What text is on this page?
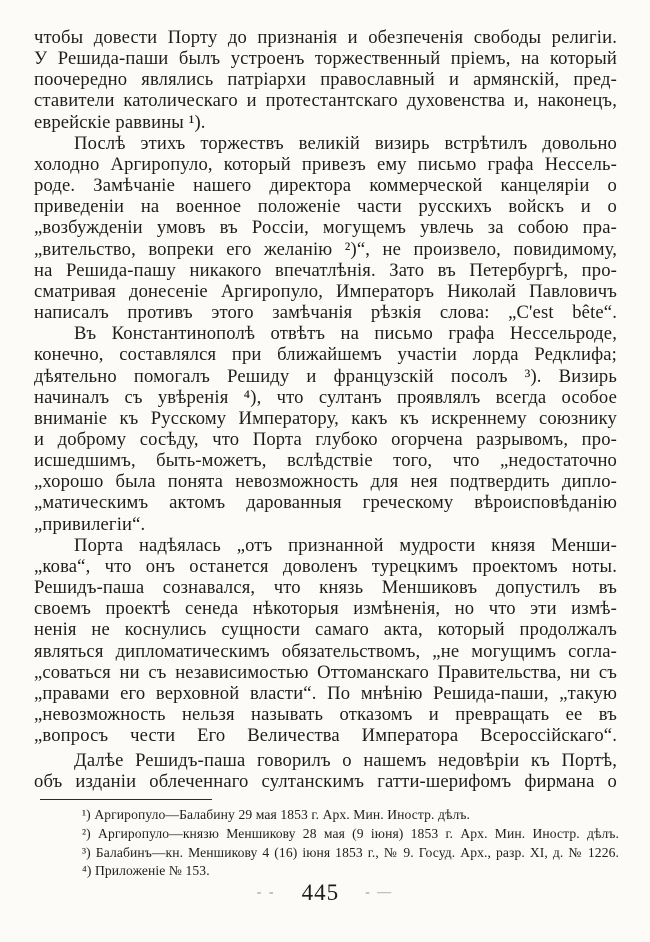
чтобы довести Порту до признанія и обезпеченія свободы религіи.
У Решида-паши былъ устроенъ торжественный пріемъ, на который
поочередно являлись патріархи православный и армянскій, пред-
ставители католическаго и протестантскаго духовенства и, наконецъ,
еврейскіе раввины ¹).
Послѣ этихъ торжествъ великій визирь встрѣтилъ довольно
холодно Аргиропуло, который привезъ ему письмо графа Нессель-
роде. Замѣчаніе нашего директора коммерческой канцеляріи о
приведеніи на военное положеніе части русскихъ войскъ и о
„возбужденіи умовъ въ Россіи, могущемъ увлечь за собою пра-
„вительство, вопреки его желанію ²)“, не произвело, повидимому,
на Решида-пашу никакого впечатлѣнія. Зато въ Петербургѣ, про-
сматривая донесеніе Аргиропуло, Императоръ Николай Павловичъ
написалъ противъ этого замѣчанія рѣзкія слова: „C'est bête“.
Въ Константинополѣ отвѣтъ на письмо графа Нессельроде,
конечно, составлялся при ближайшемъ участіи лорда Редклифа;
дѣятельно помогалъ Решиду и французскій посолъ ³). Визирь
начиналъ съ увѣренія ⁴), что султанъ проявлялъ всегда особое
вниманіе къ Русскому Императору, какъ къ искреннему союзнику
и доброму сосѣду, что Порта глубоко огорчена разрывомъ, про-
исшедшимъ, быть-можетъ, вслѣдствіе того, что „недостаточно
„хорошо была понята невозможность для нея подтвердить дипло-
„матическимъ актомъ дарованныя греческому вѣроисповѣданію
„привилегіи“.
Порта надѣялась „отъ признанной мудрости князя Менши-
„кова“, что онъ останется доволенъ турецкимъ проектомъ ноты.
Решидъ-паша сознавался, что князь Меншиковъ допустилъ въ
своемъ проектѣ сенеда нѣкоторыя измѣненія, но что эти измѣ-
ненія не коснулись сущности самаго акта, который продолжалъ
являться дипломатическимъ обязательствомъ, „не могущимъ согла-
„соваться ни съ независимостью Оттоманскаго Правительства, ни съ
„правами его верховной власти“. По мнѣнію Решида-паши, „такую
„невозможность нельзя называть отказомъ и превращать ее въ
„вопросъ чести Его Величества Императора Всероссійскаго“.
Далѣе Решидъ-паша говорилъ о нашемъ недовѣріи къ Портѣ,
объ изданіи облеченнаго султанскимъ гатти-шерифомъ фирмана о
¹) Аргиропуло—Балабину 29 мая 1853 г. Арх. Мин. Иностр. дѣлъ.
²) Аргиропуло—князю Меншикову 28 мая (9 іюня) 1853 г. Арх. Мин. Иностр. дѣлъ.
³) Балабинъ—кн. Меншикову 4 (16) іюня 1853 г., № 9. Госуд. Арх., разр. XI, д. № 1226.
⁴) Приложеніе № 153.
- - 445 - —
